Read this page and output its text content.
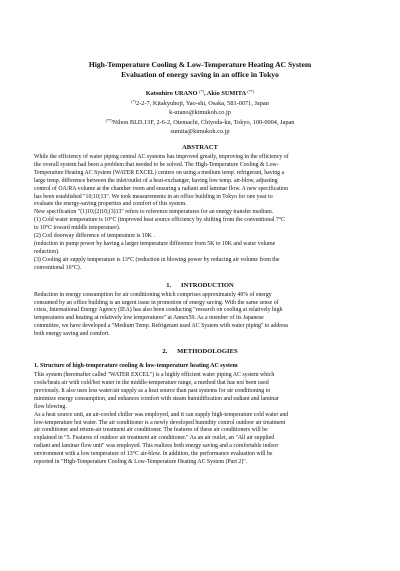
High-Temperature Cooling & Low-Temperature Heating AC System
Evaluation of energy saving in an office in Tokyo
Katsuhiro URANO (*), Akio SUMITA (**)
(*)2-2-7, Kitakyuhoji, Yao-shi, Osaka, 581-0071, Japan
k-urano@kimukoh.co.jp
(**)Nihon BLD.13F, 2-6-2, Otemachi, Chiyoda-ku, Tokyo, 100-0004, Japan
sumita@kimukoh.co.jp
ABSTRACT
While the efficiency of water piping central AC systems has improved greatly, improving in the efficiency of
the overall system had been a problem that needed to be solved. The High-Temperature Cooling & Low-
Temperature Heating AC System (WATER EXCEL) centers on using a medium temp. refrigerant, having a
large temp. difference between the inlet/outlet of a heat-exchanger, having low temp. air-blow, adjusting
control of OA/RA volume at the chamber room and ensuring a radiant and laminar flow. A new specification
has been established "10;10;13". We took measurements in an office building in Tokyo for one year to
evaluate the energy-saving properties and comfort of this system.
New specification "(1)10;(2)10;(3)13" refers to reference temperatures for an energy transfer medium.
(1) Cold water temperature is 10°C (improved heat source efficiency by shifting from the conventional 7°C
to 10°C toward middle temperature).
(2) Coil doorway difference of temperature is 10K .
(reduction in pump power by having a larger temperature difference from 5K to 10K and water volume
reduction).
(3) Cooling air supply temperature is 13°C (reduction in blowing power by reducing air volume from the
conventional 16°C).
1.      INTRODUCTION
Reduction in energy consumption for air conditioning which comprises approximately 40% of energy
consumed by an office building is an urgent issue in promotion of energy saving. With the same sense of
crisis, International Energy Agency (IEA) has also been conducting "research on cooling at relatively high
temperatures and heating at relatively low temperatures" at Annex59. As a member of its Japanese
committee, we have developed a "Medium Temp. Refrigerant used AC System with water piping" to address
both energy saving and comfort.
2.      METHODOLOGIES
1. Structure of high-temperature cooling & low-temperature heating AC system
This system (hereinafter called "WATER EXCEL") is a highly efficient water piping AC system which
cools/heats air with cold/hot water in the middle-temperature range, a method that has not been used
previously. It also uses less water/air supply as a heat source than past systems for air conditioning to
minimize energy consumption, and enhances comfort with steam humidification and radiant and laminar
flow blowing.
As a heat source unit, an air-cooled chiller was employed, and it can supply high-temperature cold water and
low-temperature hot water. The air conditioner is a newly developed humidity control outdoor air treatment
air conditioner and return-air treatment air conditioner. The features of these air conditioners will be
explained in "5. Features of outdoor air treatment air conditioner." As an air outlet, an "All air supplied
radiant and laminar flow unit" was employed. This realizes both energy saving and a comfortable indoor
environment with a low temperature of 13°C air-blow. In addition, the performance evaluation will be
reported in "High-Temperature Cooling & Low-Temperature Heating AC System (Part 2)".
